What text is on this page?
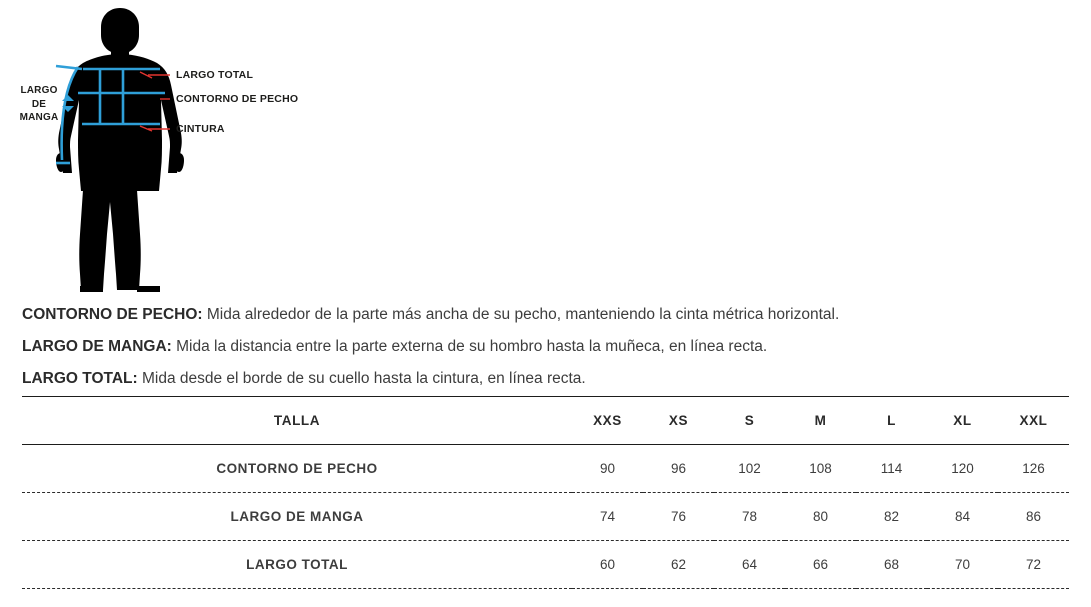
LARGO TOTAL
CONTORNO DE PECHO
CINTURA
LARGO
DE
MANGA
CONTORNO DE PECHO: Mida alrededor de la parte más ancha de su pecho, manteniendo la cinta métrica horizontal.
LARGO DE MANGA: Mida la distancia entre la parte externa de su hombro hasta la muñeca, en línea recta.
LARGO TOTAL: Mida desde el borde de su cuello hasta la cintura, en línea recta.
TALLA	XXS	XS	S	M	L	XL	XXL
CONTORNO DE PECHO	90	96	102	108	114	120	126
LARGO DE MANGA	74	76	78	80	82	84	86
LARGO TOTAL	60	62	64	66	68	70	72
